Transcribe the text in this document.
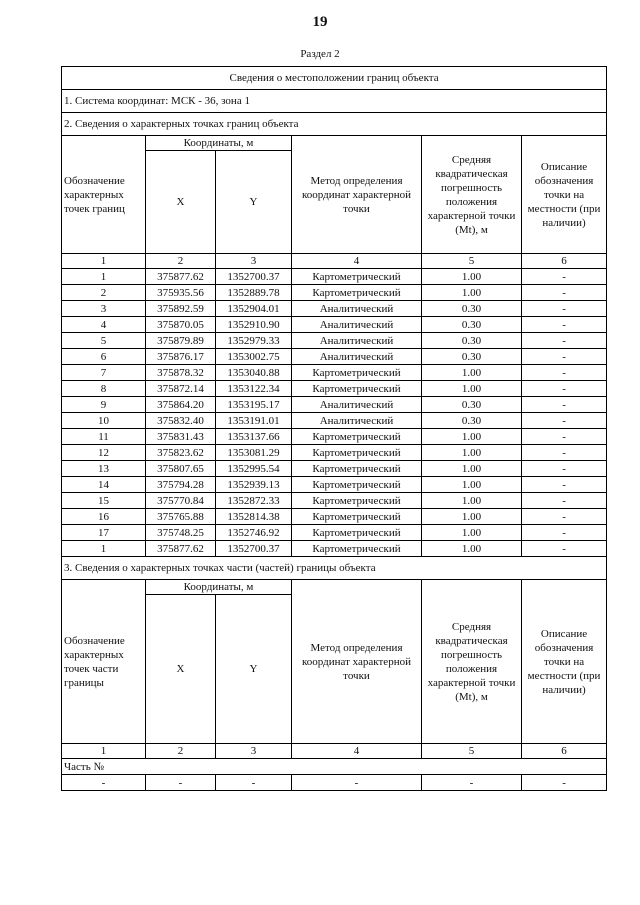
19
Раздел 2
Сведения о местоположении границ объекта					
1. Система координат: МСК - 36, зона 1					
2. Сведения о характерных точках границ объекта					
Обозначение характерных точек границ	Координаты, м		Метод определения координат характерной точки	Средняя квадратическая погрешность положения характерной точки (Mt), м	Описание обозначения точки на местности (при наличии)
	X	Y			
1	2	3	4	5	6
1	375877.62	1352700.37	Картометрический	1.00	-
2	375935.56	1352889.78	Картометрический	1.00	-
3	375892.59	1352904.01	Аналитический	0.30	-
4	375870.05	1352910.90	Аналитический	0.30	-
5	375879.89	1352979.33	Аналитический	0.30	-
6	375876.17	1353002.75	Аналитический	0.30	-
7	375878.32	1353040.88	Картометрический	1.00	-
8	375872.14	1353122.34	Картометрический	1.00	-
9	375864.20	1353195.17	Аналитический	0.30	-
10	375832.40	1353191.01	Аналитический	0.30	-
11	375831.43	1353137.66	Картометрический	1.00	-
12	375823.62	1353081.29	Картометрический	1.00	-
13	375807.65	1352995.54	Картометрический	1.00	-
14	375794.28	1352939.13	Картометрический	1.00	-
15	375770.84	1352872.33	Картометрический	1.00	-
16	375765.88	1352814.38	Картометрический	1.00	-
17	375748.25	1352746.92	Картометрический	1.00	-
1	375877.62	1352700.37	Картометрический	1.00	-
3. Сведения о характерных точках части (частей) границы объекта					
Обозначение характерных точек части границы	Координаты, м		Метод определения координат характерной точки	Средняя квадратическая погрешность положения характерной точки (Mt), м	Описание обозначения точки на местности (при наличии)
	X	Y			
1	2	3	4	5	6
Часть №					
-	-	-	-	-	-
